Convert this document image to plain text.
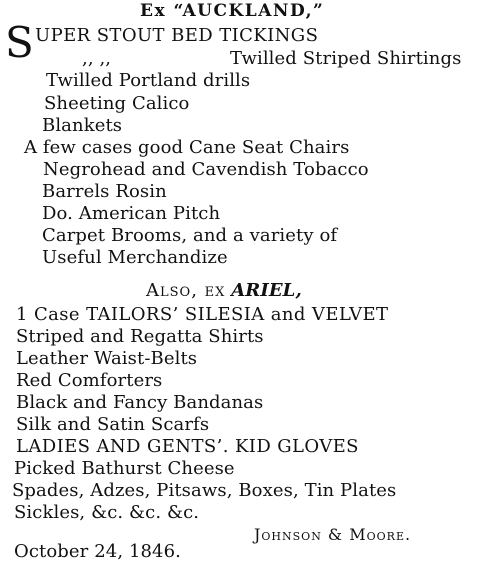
Ex “AUCKLAND,”
S UPER STOUT BED TICKINGS
,, ,,	Twilled Striped Shirtings
Twilled Portland drills
Sheeting Calico
Blankets
A few cases good Cane Seat Chairs
Negrohead and Cavendish Tobacco
Barrels Rosin
Do. American Pitch
Carpet Brooms, and a variety of
Useful Merchandize
Also, ex ARIEL,
1 Case TAILORS’ SILESIA and VELVET
Striped and Regatta Shirts
Leather Waist-Belts
Red Comforters
Black and Fancy Bandanas
Silk and Satin Scarfs
LADIES AND GENTS’. KID GLOVES
Picked Bathurst Cheese
Spades, Adzes, Pitsaws, Boxes, Tin Plates
Sickles, &c. &c. &c.
Johnson & Moore.
October 24, 1846.
